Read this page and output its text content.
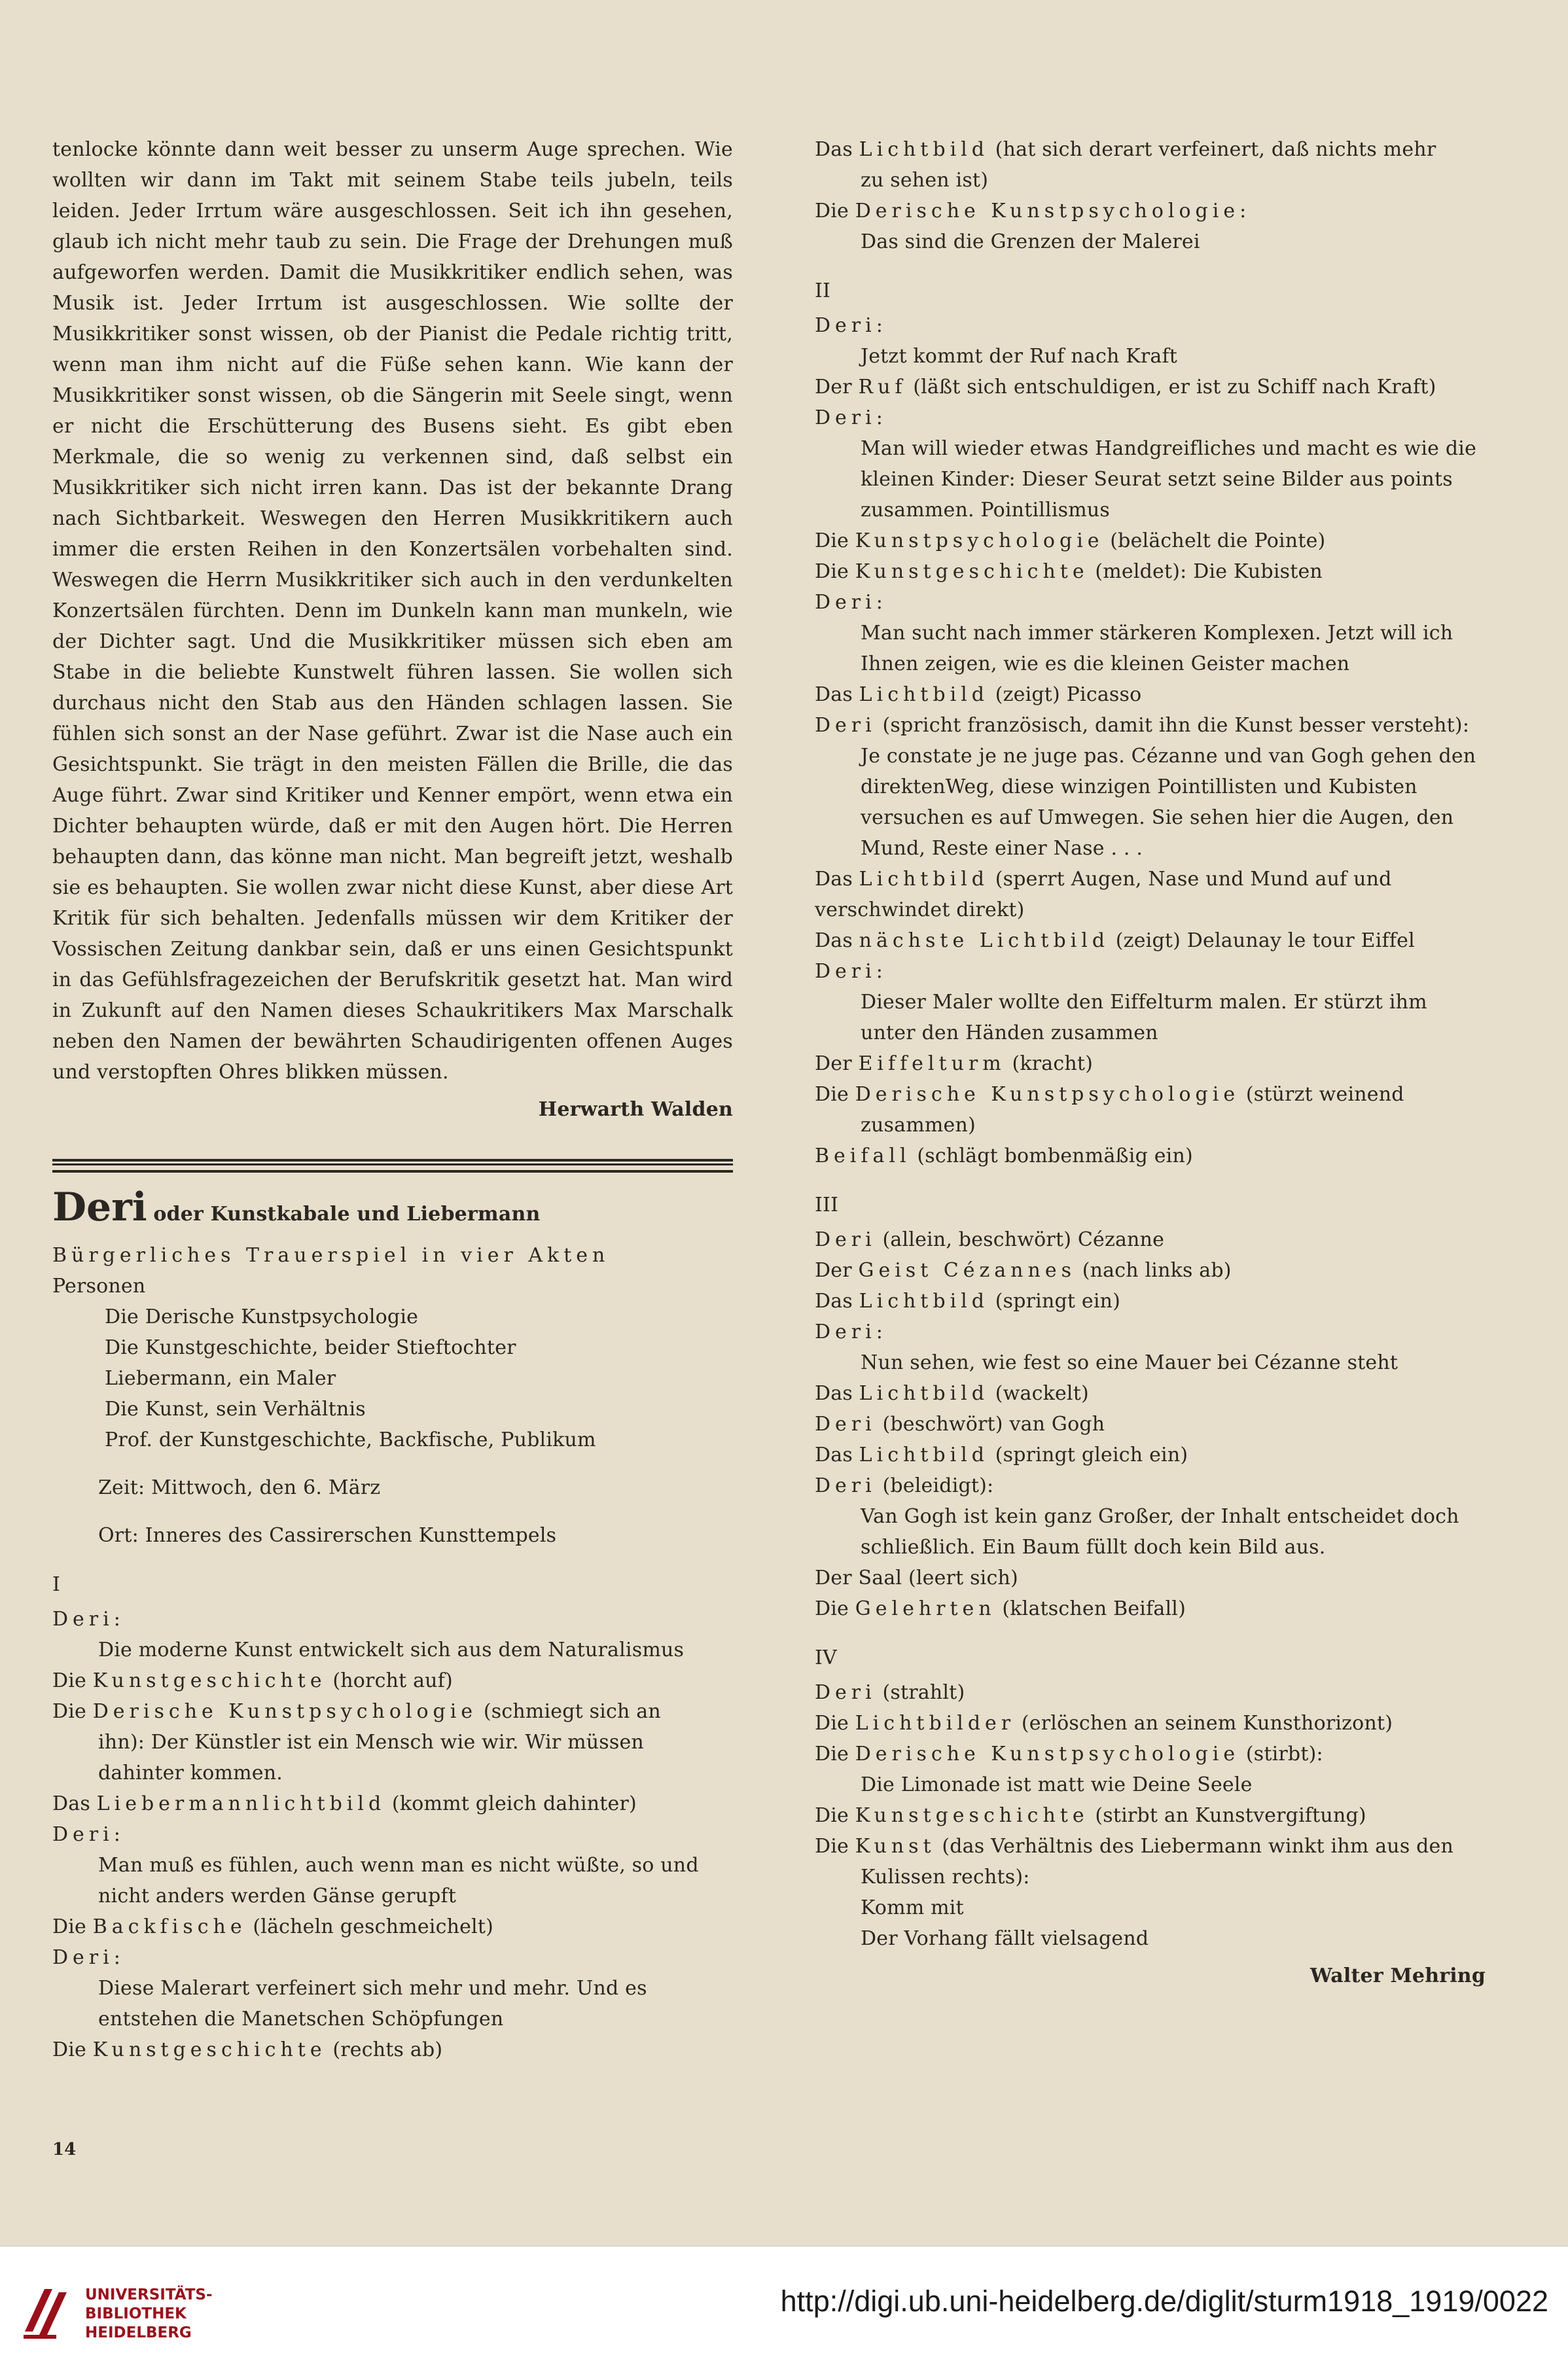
tenlocke könnte dann weit besser zu unserm Auge sprechen. Wie wollten wir dann im Takt mit seinem Stabe teils jubeln, teils leiden. Jeder Irrtum wäre ausgeschlossen. Seit ich ihn gesehen, glaub ich nicht mehr taub zu sein. Die Frage der Drehungen muß aufgeworfen werden. Damit die Musikkritiker endlich sehen, was Musik ist. Jeder Irrtum ist ausgeschlossen. Wie sollte der Musikkritiker sonst wissen, ob der Pianist die Pedale richtig tritt, wenn man ihm nicht auf die Füße sehen kann. Wie kann der Musikkritiker sonst wissen, ob die Sängerin mit Seele singt, wenn er nicht die Erschütterung des Busens sieht. Es gibt eben Merkmale, die so wenig zu verkennen sind, daß selbst ein Musikkritiker sich nicht irren kann. Das ist der bekannte Drang nach Sichtbarkeit. Weswegen den Herren Musikkritikern auch immer die ersten Reihen in den Konzertsälen vorbehalten sind. Weswegen die Herrn Musikkritiker sich auch in den verdunkelten Konzertsälen fürchten. Denn im Dunkeln kann man munkeln, wie der Dichter sagt. Und die Musikkritiker müssen sich eben am Stabe in die beliebte Kunstwelt führen lassen. Sie wollen sich durchaus nicht den Stab aus den Händen schlagen lassen. Sie fühlen sich sonst an der Nase geführt. Zwar ist die Nase auch ein Gesichtspunkt. Sie trägt in den meisten Fällen die Brille, die das Auge führt. Zwar sind Kritiker und Kenner empört, wenn etwa ein Dichter behaupten würde, daß er mit den Augen hört. Die Herren behaupten dann, das könne man nicht. Man begreift jetzt, weshalb sie es behaupten. Sie wollen zwar nicht diese Kunst, aber diese Art Kritik für sich behalten. Jedenfalls müssen wir dem Kritiker der Vossischen Zeitung dankbar sein, daß er uns einen Gesichtspunkt in das Gefühlsfragezeichen der Berufskritik gesetzt hat. Man wird in Zukunft auf den Namen dieses Schaukritikers Max Marschalk neben den Namen der bewährten Schaudirigenten offenen Auges und verstopften Ohres blikken müssen.

Herwarth Walden
Deri oder Kunstkabale und Liebermann
Bürgerliches Trauerspiel in vier Akten
Personen
Die Derische Kunstpsychologie
Die Kunstgeschichte, beider Stieftochter
Liebermann, ein Maler
Die Kunst, sein Verhältnis
Prof. der Kunstgeschichte, Backfische, Publikum
Zeit: Mittwoch, den 6. März
Ort: Inneres des Cassirerschen Kunsttempels
I
Deri:
Die moderne Kunst entwickelt sich aus dem Naturalismus
Die Kunstgeschichte (horcht auf)
Die Derische Kunstpsychologie (schmiegt sich an
ihn): Der Künstler ist ein Mensch wie wir. Wir müssen dahinter kommen.
Das Liebermannlichtbild (kommt gleich dahinter)
Deri:
Man muß es fühlen, auch wenn man es nicht wüßte, so und nicht anders werden Gänse gerupft
Die Backfische (lächeln geschmeichelt)
Deri:
Diese Malerart verfeinert sich mehr und mehr. Und es entstehen die Manetschen Schöpfungen
Die Kunstgeschichte (rechts ab)
Das Lichtbild (hat sich derart verfeinert, daß nichts mehr
zu sehen ist)
Die Derische Kunstpsychologie:
Das sind die Grenzen der Malerei
II
Deri:
Jetzt kommt der Ruf nach Kraft
Der Ruf (läßt sich entschuldigen, er ist zu Schiff nach Kraft)
Deri:
Man will wieder etwas Handgreifliches und macht es wie die kleinen Kinder: Dieser Seurat setzt seine Bilder aus points zusammen. Pointillismus
Die Kunstpsychologie (belächelt die Pointe)
Die Kunstgeschichte (meldet): Die Kubisten
Deri:
Man sucht nach immer stärkeren Komplexen. Jetzt will ich Ihnen zeigen, wie es die kleinen Geister machen
Das Lichtbild (zeigt) Picasso
Deri (spricht französisch, damit ihn die Kunst besser versteht):
Je constate je ne juge pas. Cézanne und van Gogh gehen den direktenWeg, diese winzigen Pointillisten und Kubisten versuchen es auf Umwegen. Sie sehen hier die Augen, den Mund, Reste einer Nase . . .
Das Lichtbild (sperrt Augen, Nase und Mund auf und verschwindet direkt)
Das nächste Lichtbild (zeigt) Delaunay le tour Eiffel
Deri:
Dieser Maler wollte den Eiffelturm malen. Er stürzt ihm unter den Händen zusammen
Der Eiffelturm (kracht)
Die Derische Kunstpsychologie (stürzt weinend
zusammen)
Beifall (schlägt bombenmäßig ein)
III
Deri (allein, beschwört) Cézanne
Der Geist Cézannes (nach links ab)
Das Lichtbild (springt ein)
Deri:
Nun sehen, wie fest so eine Mauer bei Cézanne steht
Das Lichtbild (wackelt)
Deri (beschwört) van Gogh
Das Lichtbild (springt gleich ein)
Deri (beleidigt):
Van Gogh ist kein ganz Großer, der Inhalt entscheidet doch schließlich. Ein Baum füllt doch kein Bild aus.
Der Saal (leert sich)
Die Gelehrten (klatschen Beifall)
IV
Deri (strahlt)
Die Lichtbilder (erlöschen an seinem Kunsthorizont)
Die Derische Kunstpsychologie (stirbt):
Die Limonade ist matt wie Deine Seele
Die Kunstgeschichte (stirbt an Kunstvergiftung)
Die Kunst (das Verhältnis des Liebermann winkt ihm aus den
Kulissen rechts):
Komm mit
Der Vorhang fällt vielsagend
Walter Mehring
14
UNIVERSITÄTS-
BIBLIOTHEK
HEIDELBERG
http://digi.ub.uni-heidelberg.de/diglit/sturm1918_1919/0022
